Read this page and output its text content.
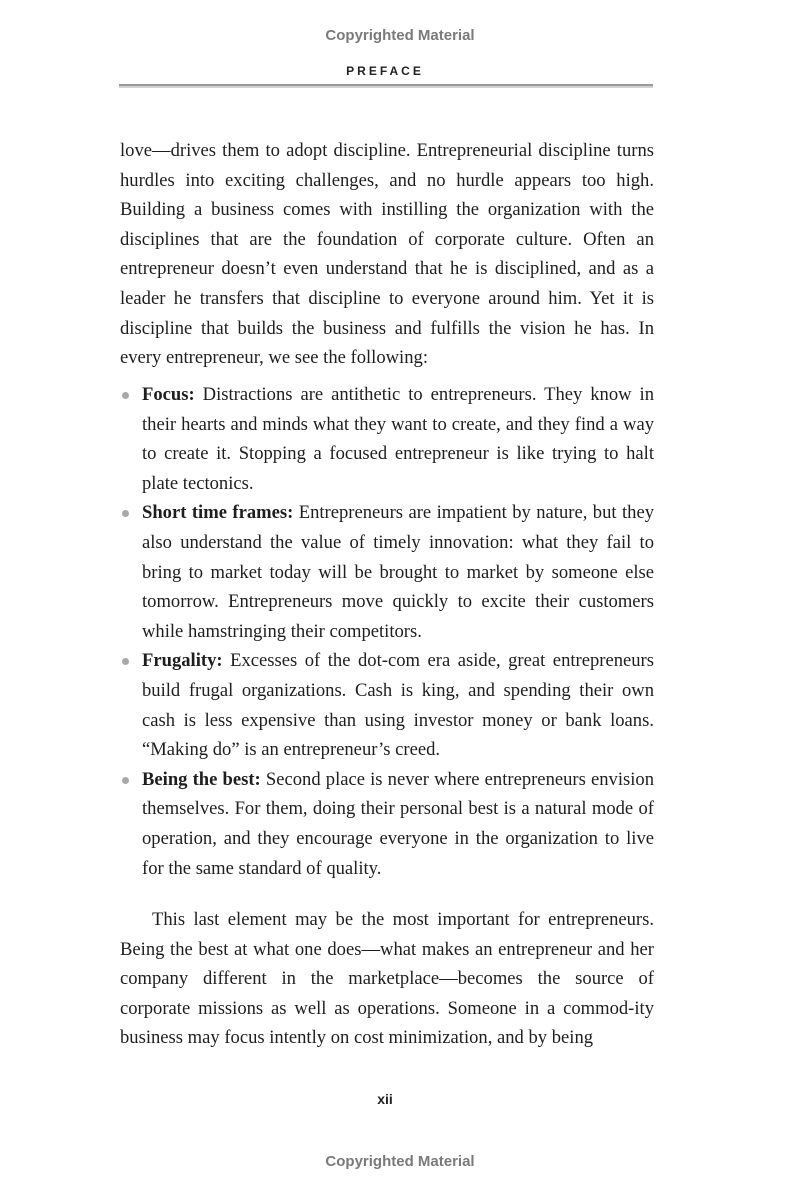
Copyrighted Material
PREFACE

love—drives them to adopt discipline. Entrepreneurial discipline turns hurdles into exciting challenges, and no hurdle appears too high. Building a business comes with instilling the organization with the disciplines that are the foundation of corporate culture. Often an entrepreneur doesn’t even understand that he is disciplined, and as a leader he transfers that discipline to everyone around him. Yet it is discipline that builds the business and fulfills the vision he has. In every entrepreneur, we see the following:

Focus: Distractions are antithetic to entrepreneurs. They know in their hearts and minds what they want to create, and they find a way to create it. Stopping a focused entrepreneur is like trying to halt plate tectonics.
Short time frames: Entrepreneurs are impatient by nature, but they also understand the value of timely innovation: what they fail to bring to market today will be brought to market by someone else tomorrow. Entrepreneurs move quickly to excite their customers while hamstringing their competitors.
Frugality: Excesses of the dot-com era aside, great entrepreneurs build frugal organizations. Cash is king, and spending their own cash is less expensive than using investor money or bank loans. “Making do” is an entrepreneur’s creed.
Being the best: Second place is never where entrepreneurs envision themselves. For them, doing their personal best is a natural mode of operation, and they encourage everyone in the organization to live for the same standard of quality.

This last element may be the most important for entrepreneurs. Being the best at what one does—what makes an entrepreneur and her company different in the marketplace—becomes the source of corporate missions as well as operations. Someone in a commod-ity business may focus intently on cost minimization, and by being

xii
Copyrighted Material
